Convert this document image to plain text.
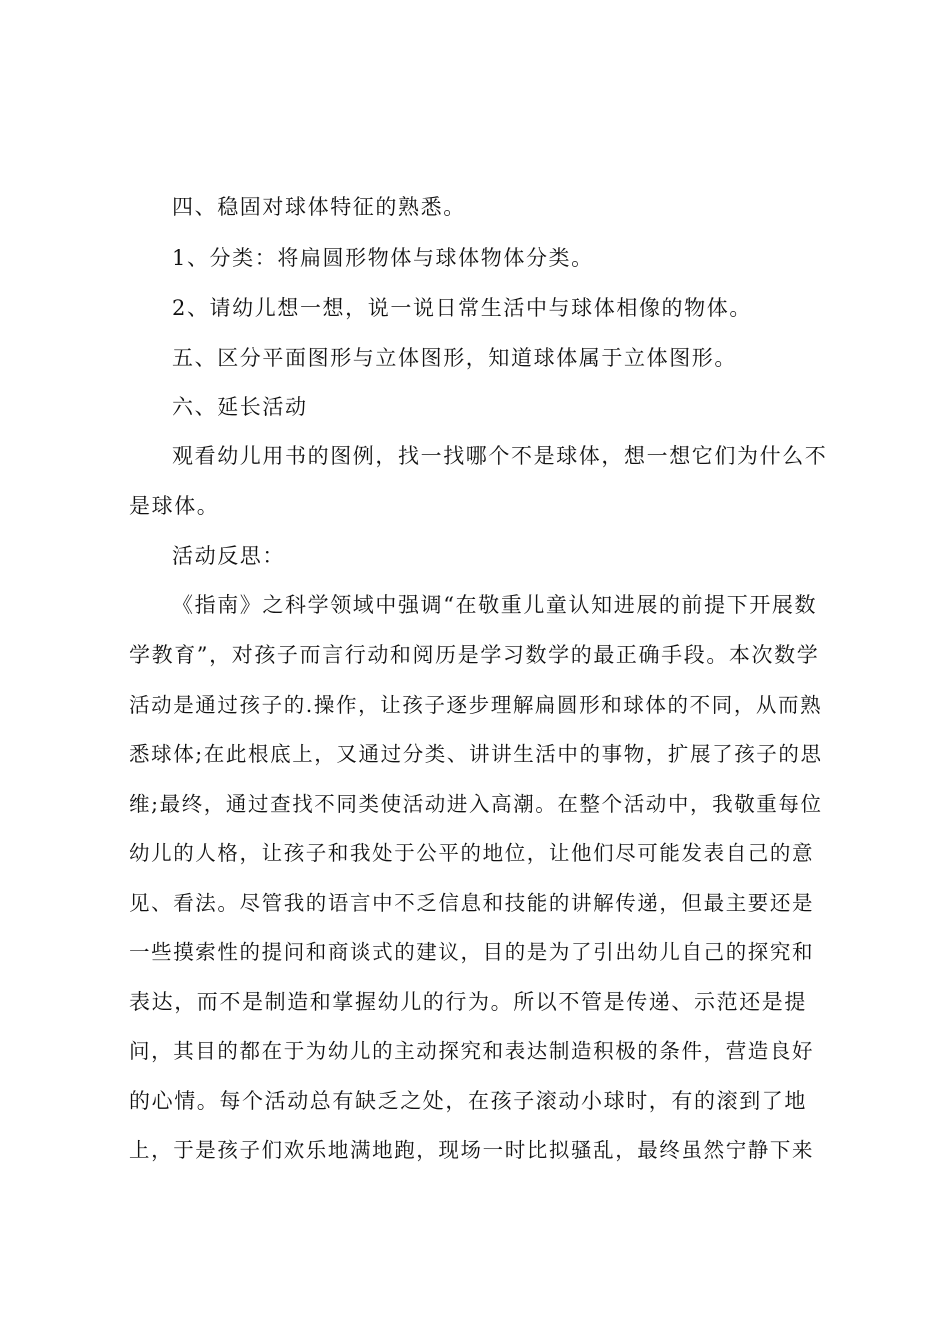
四、稳固对球体特征的熟悉。

1、分类：将扁圆形物体与球体物体分类。

2、请幼儿想一想，说一说日常生活中与球体相像的物体。

五、区分平面图形与立体图形，知道球体属于立体图形。

六、延长活动

观看幼儿用书的图例，找一找哪个不是球体，想一想它们为什么不

是球体。

活动反思：

《指南》之科学领域中强调“在敬重儿童认知进展的前提下开展数

学教育”，对孩子而言行动和阅历是学习数学的最正确手段。本次数学

活动是通过孩子的.操作，让孩子逐步理解扁圆形和球体的不同，从而熟

悉球体;在此根底上，又通过分类、讲讲生活中的事物，扩展了孩子的思

维;最终，通过查找不同类使活动进入高潮。在整个活动中，我敬重每位

幼儿的人格，让孩子和我处于公平的地位，让他们尽可能发表自己的意

见、看法。尽管我的语言中不乏信息和技能的讲解传递，但最主要还是

一些摸索性的提问和商谈式的建议，目的是为了引出幼儿自己的探究和

表达，而不是制造和掌握幼儿的行为。所以不管是传递、示范还是提

问，其目的都在于为幼儿的主动探究和表达制造积极的条件，营造良好

的心情。每个活动总有缺乏之处，在孩子滚动小球时，有的滚到了地

上，于是孩子们欢乐地满地跑，现场一时比拟骚乱，最终虽然宁静下来
